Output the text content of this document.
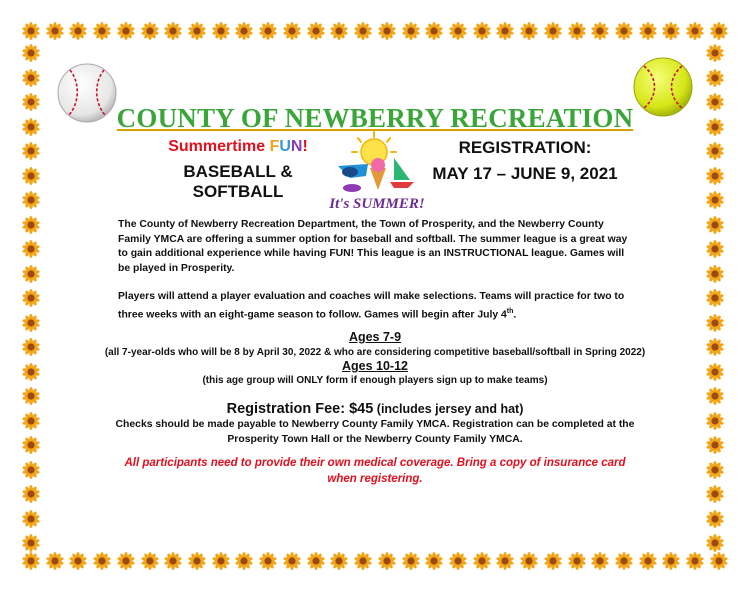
COUNTY OF NEWBERRY RECREATION
Summertime FUN!
BASEBALL & SOFTBALL
REGISTRATION:
MAY 17 – JUNE 9, 2021
It's SUMMER!
The County of Newberry Recreation Department, the Town of Prosperity, and the Newberry County Family YMCA are offering a summer option for baseball and softball. The summer league is a great way to gain additional experience while having FUN! This league is an INSTRUCTIONAL league. Games will be played in Prosperity.
Players will attend a player evaluation and coaches will make selections. Teams will practice for two to three weeks with an eight-game season to follow. Games will begin after July 4th.
Ages 7-9
(all 7-year-olds who will be 8 by April 30, 2022 & who are considering competitive baseball/softball in Spring 2022)
Ages 10-12
(this age group will ONLY form if enough players sign up to make teams)
Registration Fee: $45 (includes jersey and hat)
Checks should be made payable to Newberry County Family YMCA. Registration can be completed at the Prosperity Town Hall or the Newberry County Family YMCA.
All participants need to provide their own medical coverage. Bring a copy of insurance card when registering.
